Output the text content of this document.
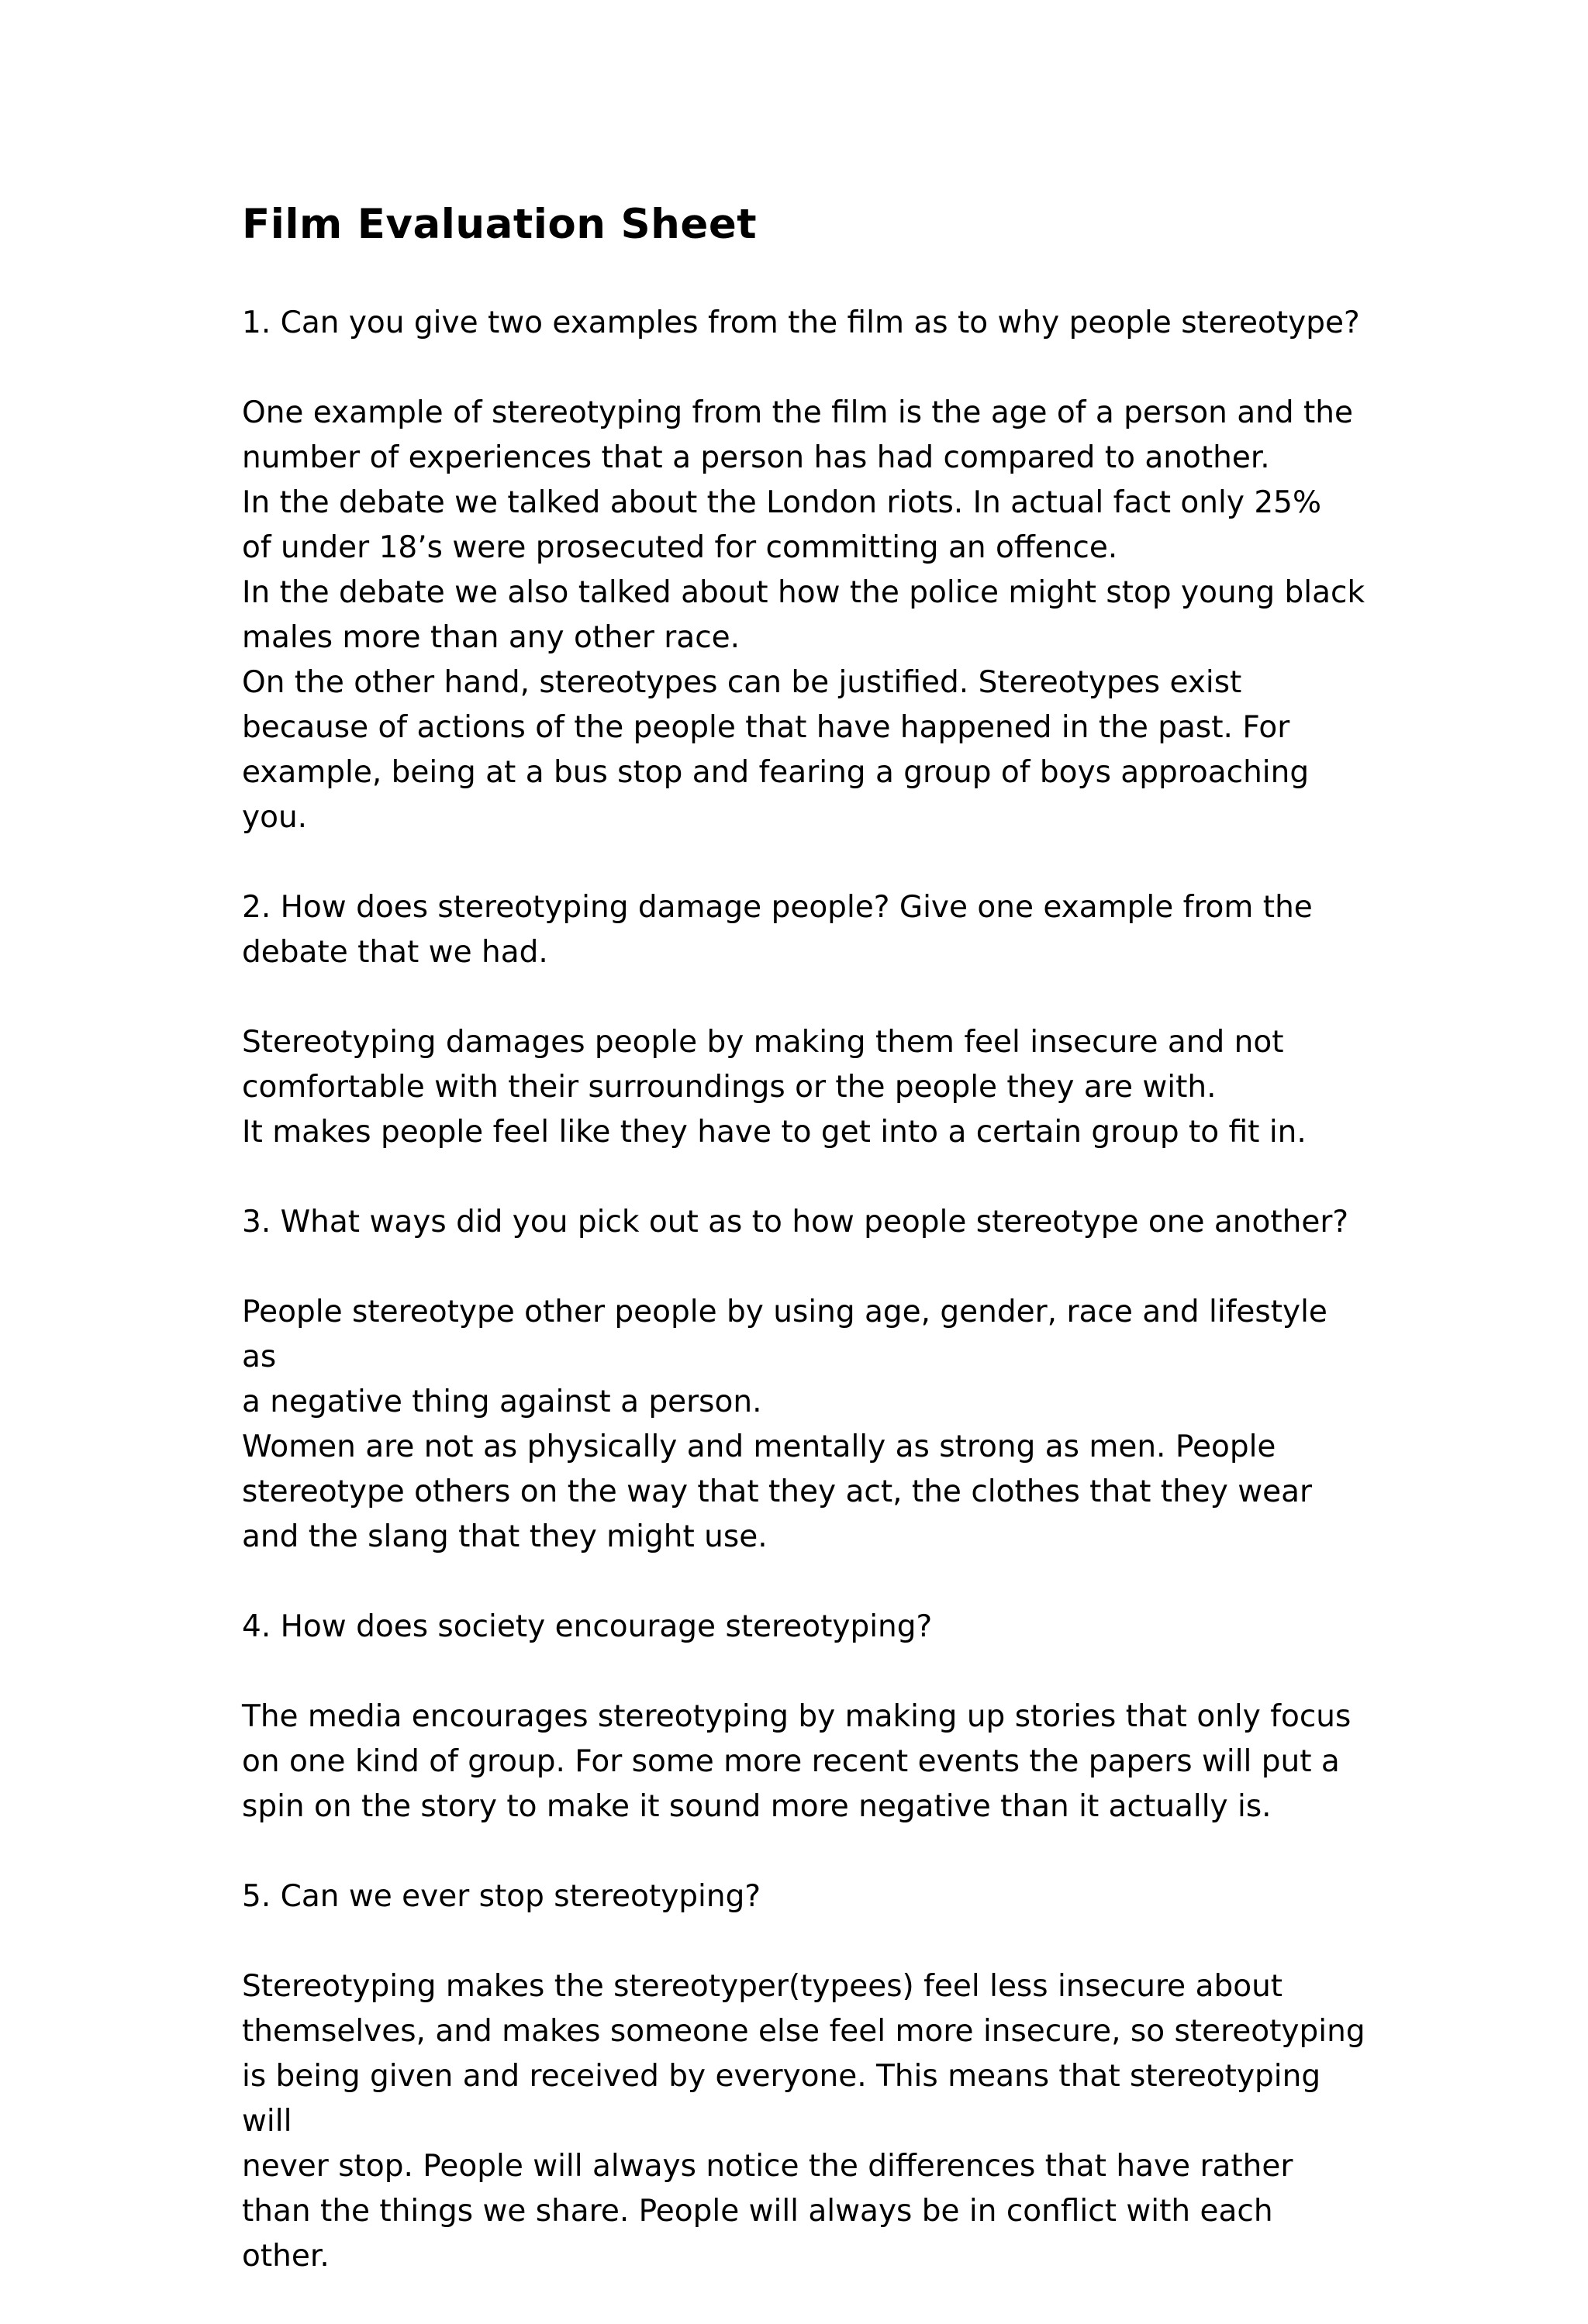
Film Evaluation Sheet

1. Can you give two examples from the film as to why people stereotype?

One example of stereotyping from the film is the age of a person and the
number of experiences that a person has had compared to another.

In the debate we talked about the London riots. In actual fact only 25%
of under 18’s were prosecuted for committing an offence.

In the debate we also talked about how the police might stop young black
males more than any other race.

On the other hand, stereotypes can be justified. Stereotypes exist
because of actions of the people that have happened in the past. For
example, being at a bus stop and fearing a group of boys approaching you.

2. How does stereotyping damage people? Give one example from the
debate that we had.

Stereotyping damages people by making them feel insecure and not
comfortable with their surroundings or the people they are with.

It makes people feel like they have to get into a certain group to fit in.

3. What ways did you pick out as to how people stereotype one another?

People stereotype other people by using age, gender, race and lifestyle as
a negative thing against a person.

Women are not as physically and mentally as strong as men. People
stereotype others on the way that they act, the clothes that they wear
and the slang that they might use.

4. How does society encourage stereotyping?

The media encourages stereotyping by making up stories that only focus
on one kind of group. For some more recent events the papers will put a
spin on the story to make it sound more negative than it actually is.

5. Can we ever stop stereotyping?

Stereotyping makes the stereotyper(typees) feel less insecure about
themselves, and makes someone else feel more insecure, so stereotyping
is being given and received by everyone. This means that stereotyping will
never stop. People will always notice the differences that have rather
than the things we share. People will always be in conflict with each other.
